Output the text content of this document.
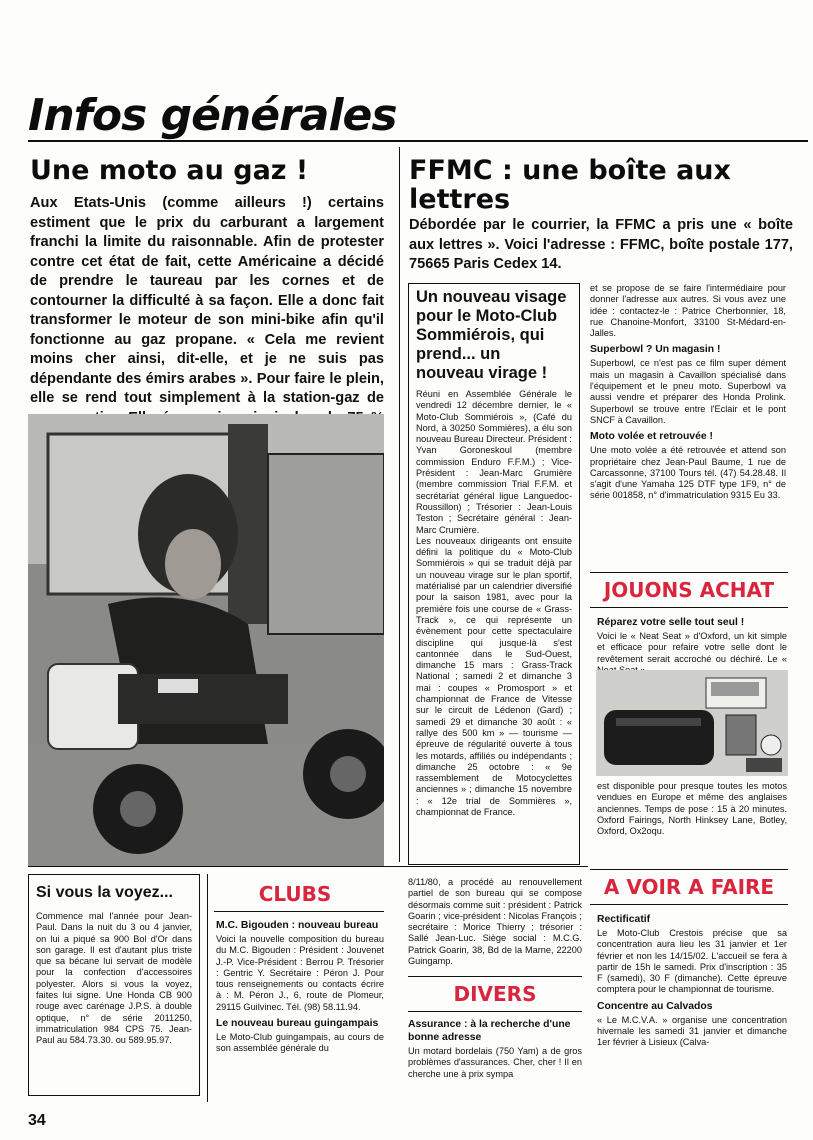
Infos générales
Une moto au gaz !

Aux Etats-Unis (comme ailleurs !) certains estiment que le prix du carburant a largement franchi la limite du raisonnable. Afin de protester contre cet état de fait, cette Américaine a décidé de prendre le taureau par les cornes et de contourner la difficulté à sa façon. Elle a donc fait transformer le moteur de son mini-bike afin qu'il fonctionne au gaz propane. « Cela me revient moins cher ainsi, dit-elle, et je ne suis pas dépendante des émirs arabes ». Pour faire le plein, elle se rend tout simplement à la station-gaz de

FFMC : une boîte aux lettres

Débordée par le courrier, la FFMC a pris une « boîte aux lettres ». Voici l'adresse : FFMC, boîte postale 177, 75665 Paris Cedex 14.

Un nouveau visage pour le Moto-Club Sommiérois, qui prend... un nouveau virage !

Réuni en Assemblée Générale le vendredi 12 décembre dernier, le « Moto-Club Sommiérois », (Café du Nord, à 30250 Sommières), a élu son nouveau Bureau Directeur. Président : Yvan Goroneskoul (membre commission Enduro F.F.M.) ; Vice-Président : Jean-Marc Grumière (membre commission Trial F.F.M. et secrétariat général ligue Languedoc-Roussillon) ; Trésorier : Jean-Louis Teston ; Secrétaire général : Jean-Marc Crumière.

Les nouveaux dirigeants ont ensuite défini la politique du « Moto-Club Sommiérois » qui se traduit déjà par un nouveau virage sur le plan sportif, matérialisé par un calendrier diversifié pour la saison 1981, avec pour la première fois une course de « Grass-Track », ce qui représente un évènement pour cette spectaculaire discipline qui jusque-là s'est cantonnée dans le Sud-Ouest, dimanche 15 mars : Grass-Track National ; samedi 2 et dimanche 3 mai : coupes « Promosport » et championnat de France de Vitesse sur le circuit de Lédenon (Gard) ; samedi 29 et dimanche 30 août : « rallye des 500 km » — tourisme — épreuve de régularité ouverte à tous les motards, affiliés ou indépendants ; dimanche 25 octobre : « 9e rassemblement de Motocyclettes anciennes » ; dimanche 15 novembre : « 12e trial de Sommières », championnat de France.

et se propose de se faire l'intermédiaire pour donner l'adresse aux autres. Si vous avez une idée : contactez-le : Patrice Cherbonnier, 18, rue Chanoine-Monfort, 33100 St-Médard-en-Jalles.

Superbowl ? Un magasin !

Superbowl, ce n'est pas ce film super dément mais un magasin à Cavaillon spécialisé dans l'équipement et le pneu moto. Superbowl va aussi vendre et préparer des Honda Prolink. Superbowl se trouve entre l'Eclair et le pont SNCF à Cavaillon.

Moto volée et retrouvée !

Une moto volée a été retrouvée et attend son propriétaire chez Jean-Paul Baume, 1 rue de Carcassonne, 37100 Tours tél. (47) 54.28.48. Il s'agit d'une Yamaha 125 DTF type 1F9, n° de série 001858, n° d'immatriculation 9315 Eu 33.

JOUONS ACHAT
Réparez votre selle tout seul !

Voici le « Neat Seat » d'Oxford, un kit simple et efficace pour refaire votre selle dont le revêtement serait accroché ou déchiré. Le «

est disponible pour presque toutes les motos vendues en Europe et même des anglaises anciennes. Temps de pose : 15 à 20 minutes. Oxford Fairings, North Hinksey Lane, Botley, Oxford, Ox2oqu.

A VOIR A FAIRE
Rectificatif

Le Moto-Club Crestois précise que sa concentration aura lieu les 31 janvier et 1er février et non les 14/15/02. L'accueil se fera à partir de 15h le samedi. Prix d'inscription : 35 F (samedi), 30 F (dimanche). Cette épreuve comptera pour le championnat de tourisme.

Concentre au Calvados

« Le M.C.V.A. » organise une concentration hivernale les samedi 31 janvier et dimanche 1er février à Lisieux (Calva-

Si vous la voyez...

Commence mal l'année pour Jean-Paul. Dans la nuit du 3 ou 4 janvier, on lui a piqué sa 900 Bol d'Or dans son garage. Il est d'autant plus triste que sa bécane lui servait de modèle pour la confection d'accessoires polyester. Alors si vous la voyez, faites lui signe. Une Honda CB 900 rouge avec carénage J.P.S. à double optique, n° de série 2011250, immatriculation 984 CPS 75. Jean-Paul au 584.73.30. ou 589.95.97.

CLUBS
M.C. Bigouden : nouveau bureau

Voici la nouvelle composition du bureau du M.C. Bigouden : Président : Jouvenet J.-P. Vice-Président : Berrou P. Trésorier : Gentric Y. Secrétaire : Péron J. Pour tous renseignements ou contacts écrire à : M. Péron J., 6, route de Plomeur, 29115 Guilvinec. Tél. (98) 58.11.94.

Le nouveau bureau guingampais

Le Moto-Club guingampais, au cours de son assemblée générale du

8/11/80, a procédé au renouvellement partiel de son bureau qui se compose désormais comme suit : président : Patrick Goarin ; vice-président : Nicolas François ; secrétaire : Morice Thierry ; trésorier : Sallé Jean-Luc. Siège social : M.C.G. Patrick Goarin, 38, Bd de la Marne, 22200 Guingamp.

DIVERS
Assurance : à la recherche d'une bonne adresse

Un motard bordelais (750 Yam) a de gros problèmes d'assurances. Cher, cher ! Il en cherche une à prix sympa

34
